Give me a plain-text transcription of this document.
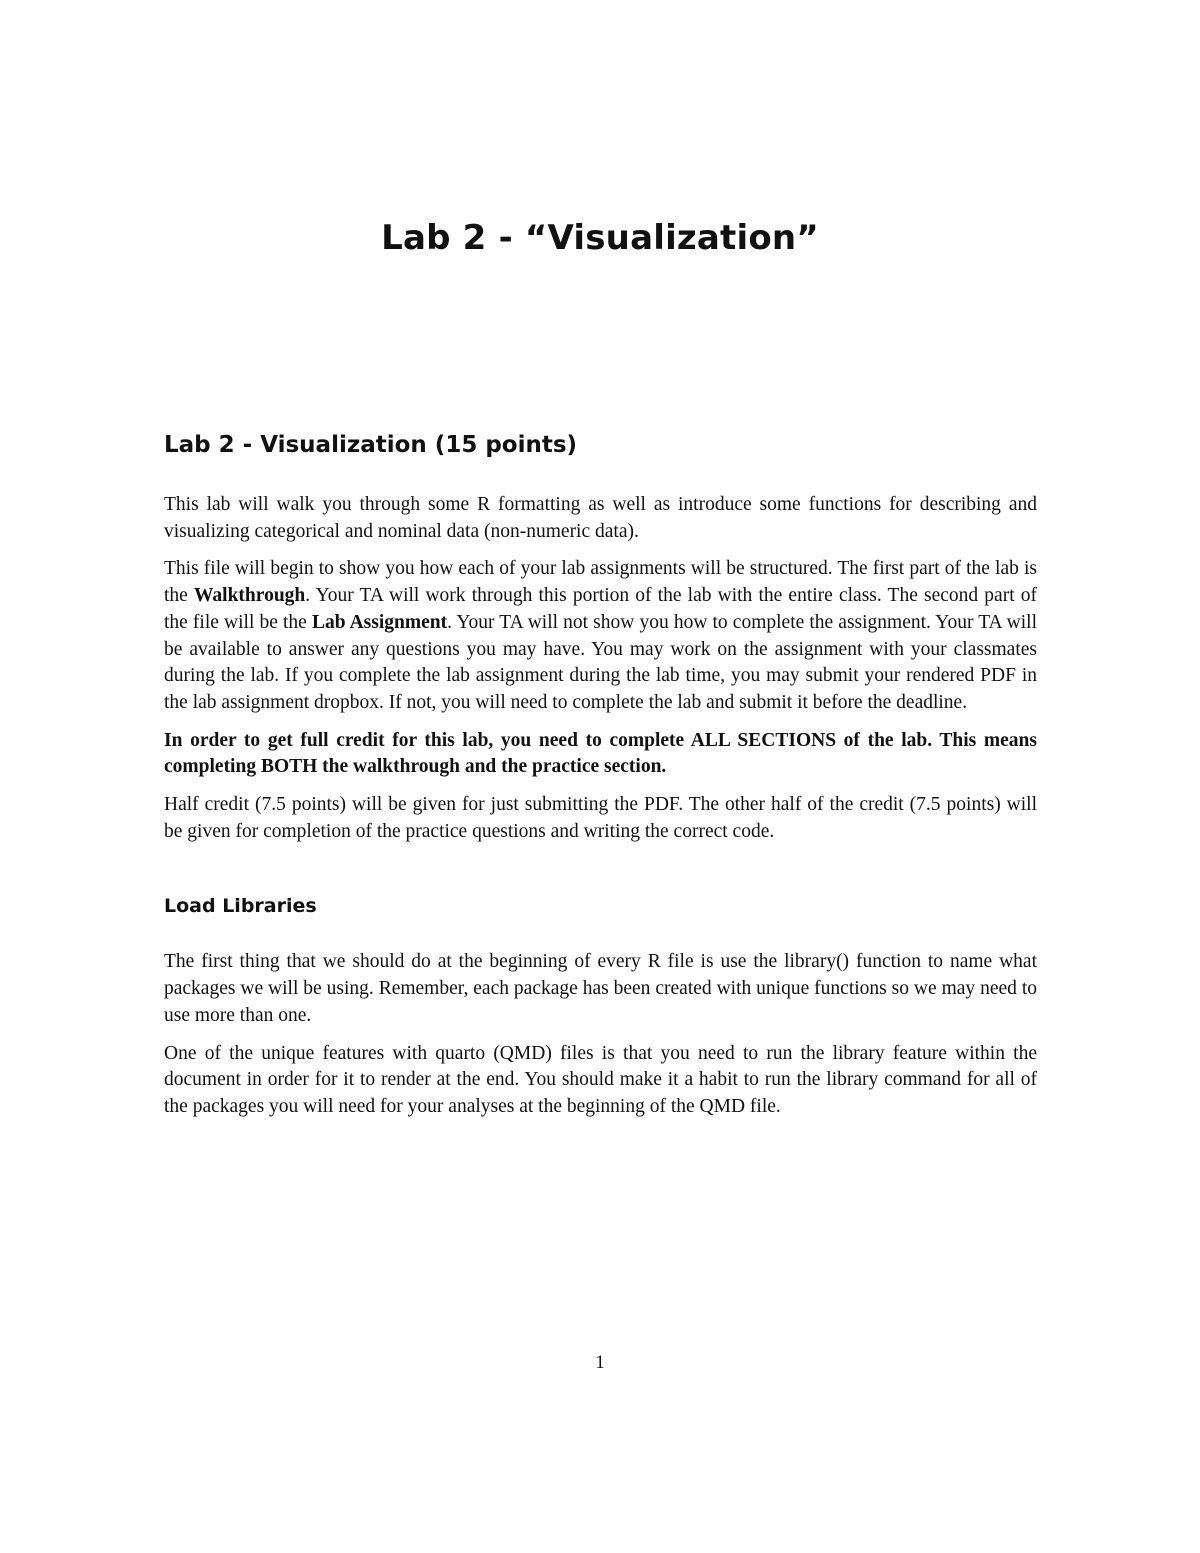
Lab 2 - “Visualization”
Lab 2 - Visualization (15 points)

This lab will walk you through some R formatting as well as introduce some functions for describing and visualizing categorical and nominal data (non-numeric data).

This file will begin to show you how each of your lab assignments will be structured. The first part of the lab is the Walkthrough. Your TA will work through this portion of the lab with the entire class. The second part of the file will be the Lab Assignment. Your TA will not show you how to complete the assignment. Your TA will be available to answer any questions you may have. You may work on the assignment with your classmates during the lab. If you complete the lab assignment during the lab time, you may submit your rendered PDF in the lab assignment dropbox. If not, you will need to complete the lab and submit it before the deadline.

In order to get full credit for this lab, you need to complete ALL SECTIONS of the lab. This means completing BOTH the walkthrough and the practice section.

Half credit (7.5 points) will be given for just submitting the PDF. The other half of the credit (7.5 points) will be given for completion of the practice questions and writing the correct code.

Load Libraries

The first thing that we should do at the beginning of every R file is use the library() function to name what packages we will be using. Remember, each package has been created with unique functions so we may need to use more than one.

One of the unique features with quarto (QMD) files is that you need to run the library feature within the document in order for it to render at the end. You should make it a habit to run the library command for all of the packages you will need for your analyses at the beginning of the QMD file.

1
